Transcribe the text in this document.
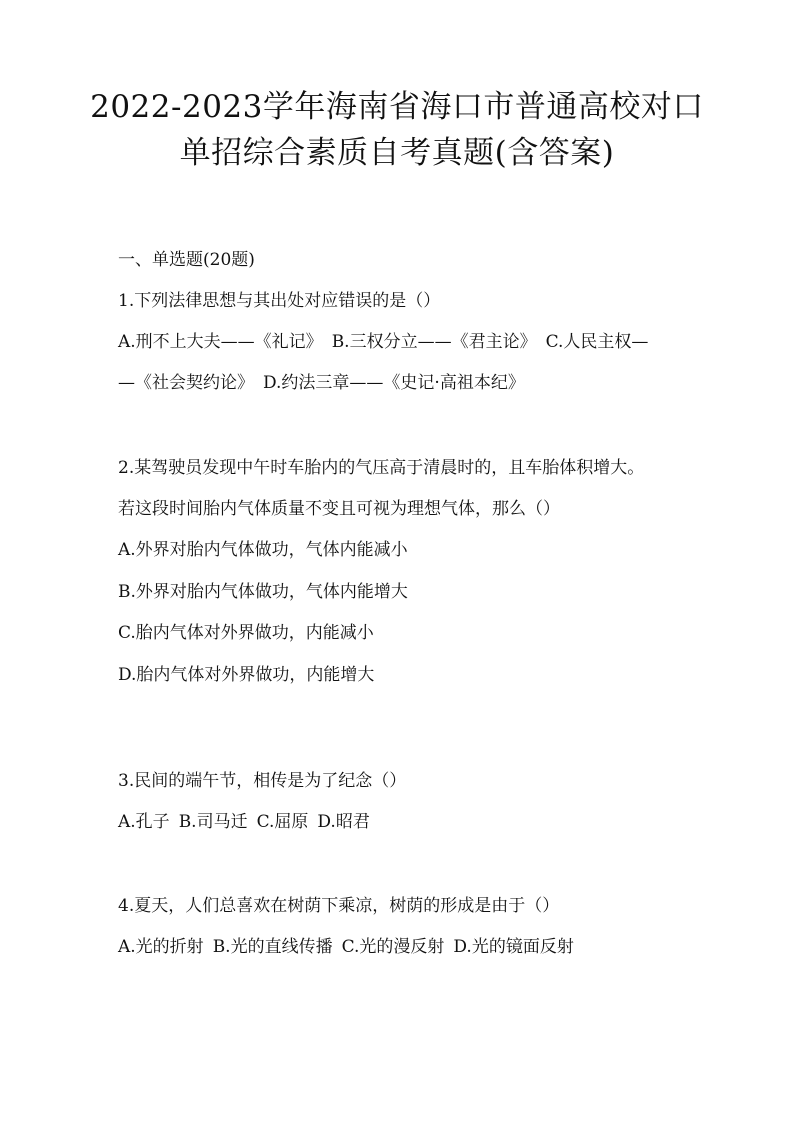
2022-2023学年海南省海口市普通高校对口
单招综合素质自考真题(含答案)
一、单选题(20题)
1.下列法律思想与其出处对应错误的是（）
A.刑不上大夫——《礼记》 B.三权分立——《君主论》 C.人民主权—
—《社会契约论》 D.约法三章——《史记·高祖本纪》
2.某驾驶员发现中午时车胎内的气压高于清晨时的，且车胎体积增大。
若这段时间胎内气体质量不变且可视为理想气体，那么（）
A.外界对胎内气体做功，气体内能减小
B.外界对胎内气体做功，气体内能增大
C.胎内气体对外界做功，内能减小
D.胎内气体对外界做功，内能增大
3.民间的端午节，相传是为了纪念（）
A.孔子 B.司马迁 C.屈原 D.昭君
4.夏天，人们总喜欢在树荫下乘凉，树荫的形成是由于（）
A.光的折射 B.光的直线传播 C.光的漫反射 D.光的镜面反射
